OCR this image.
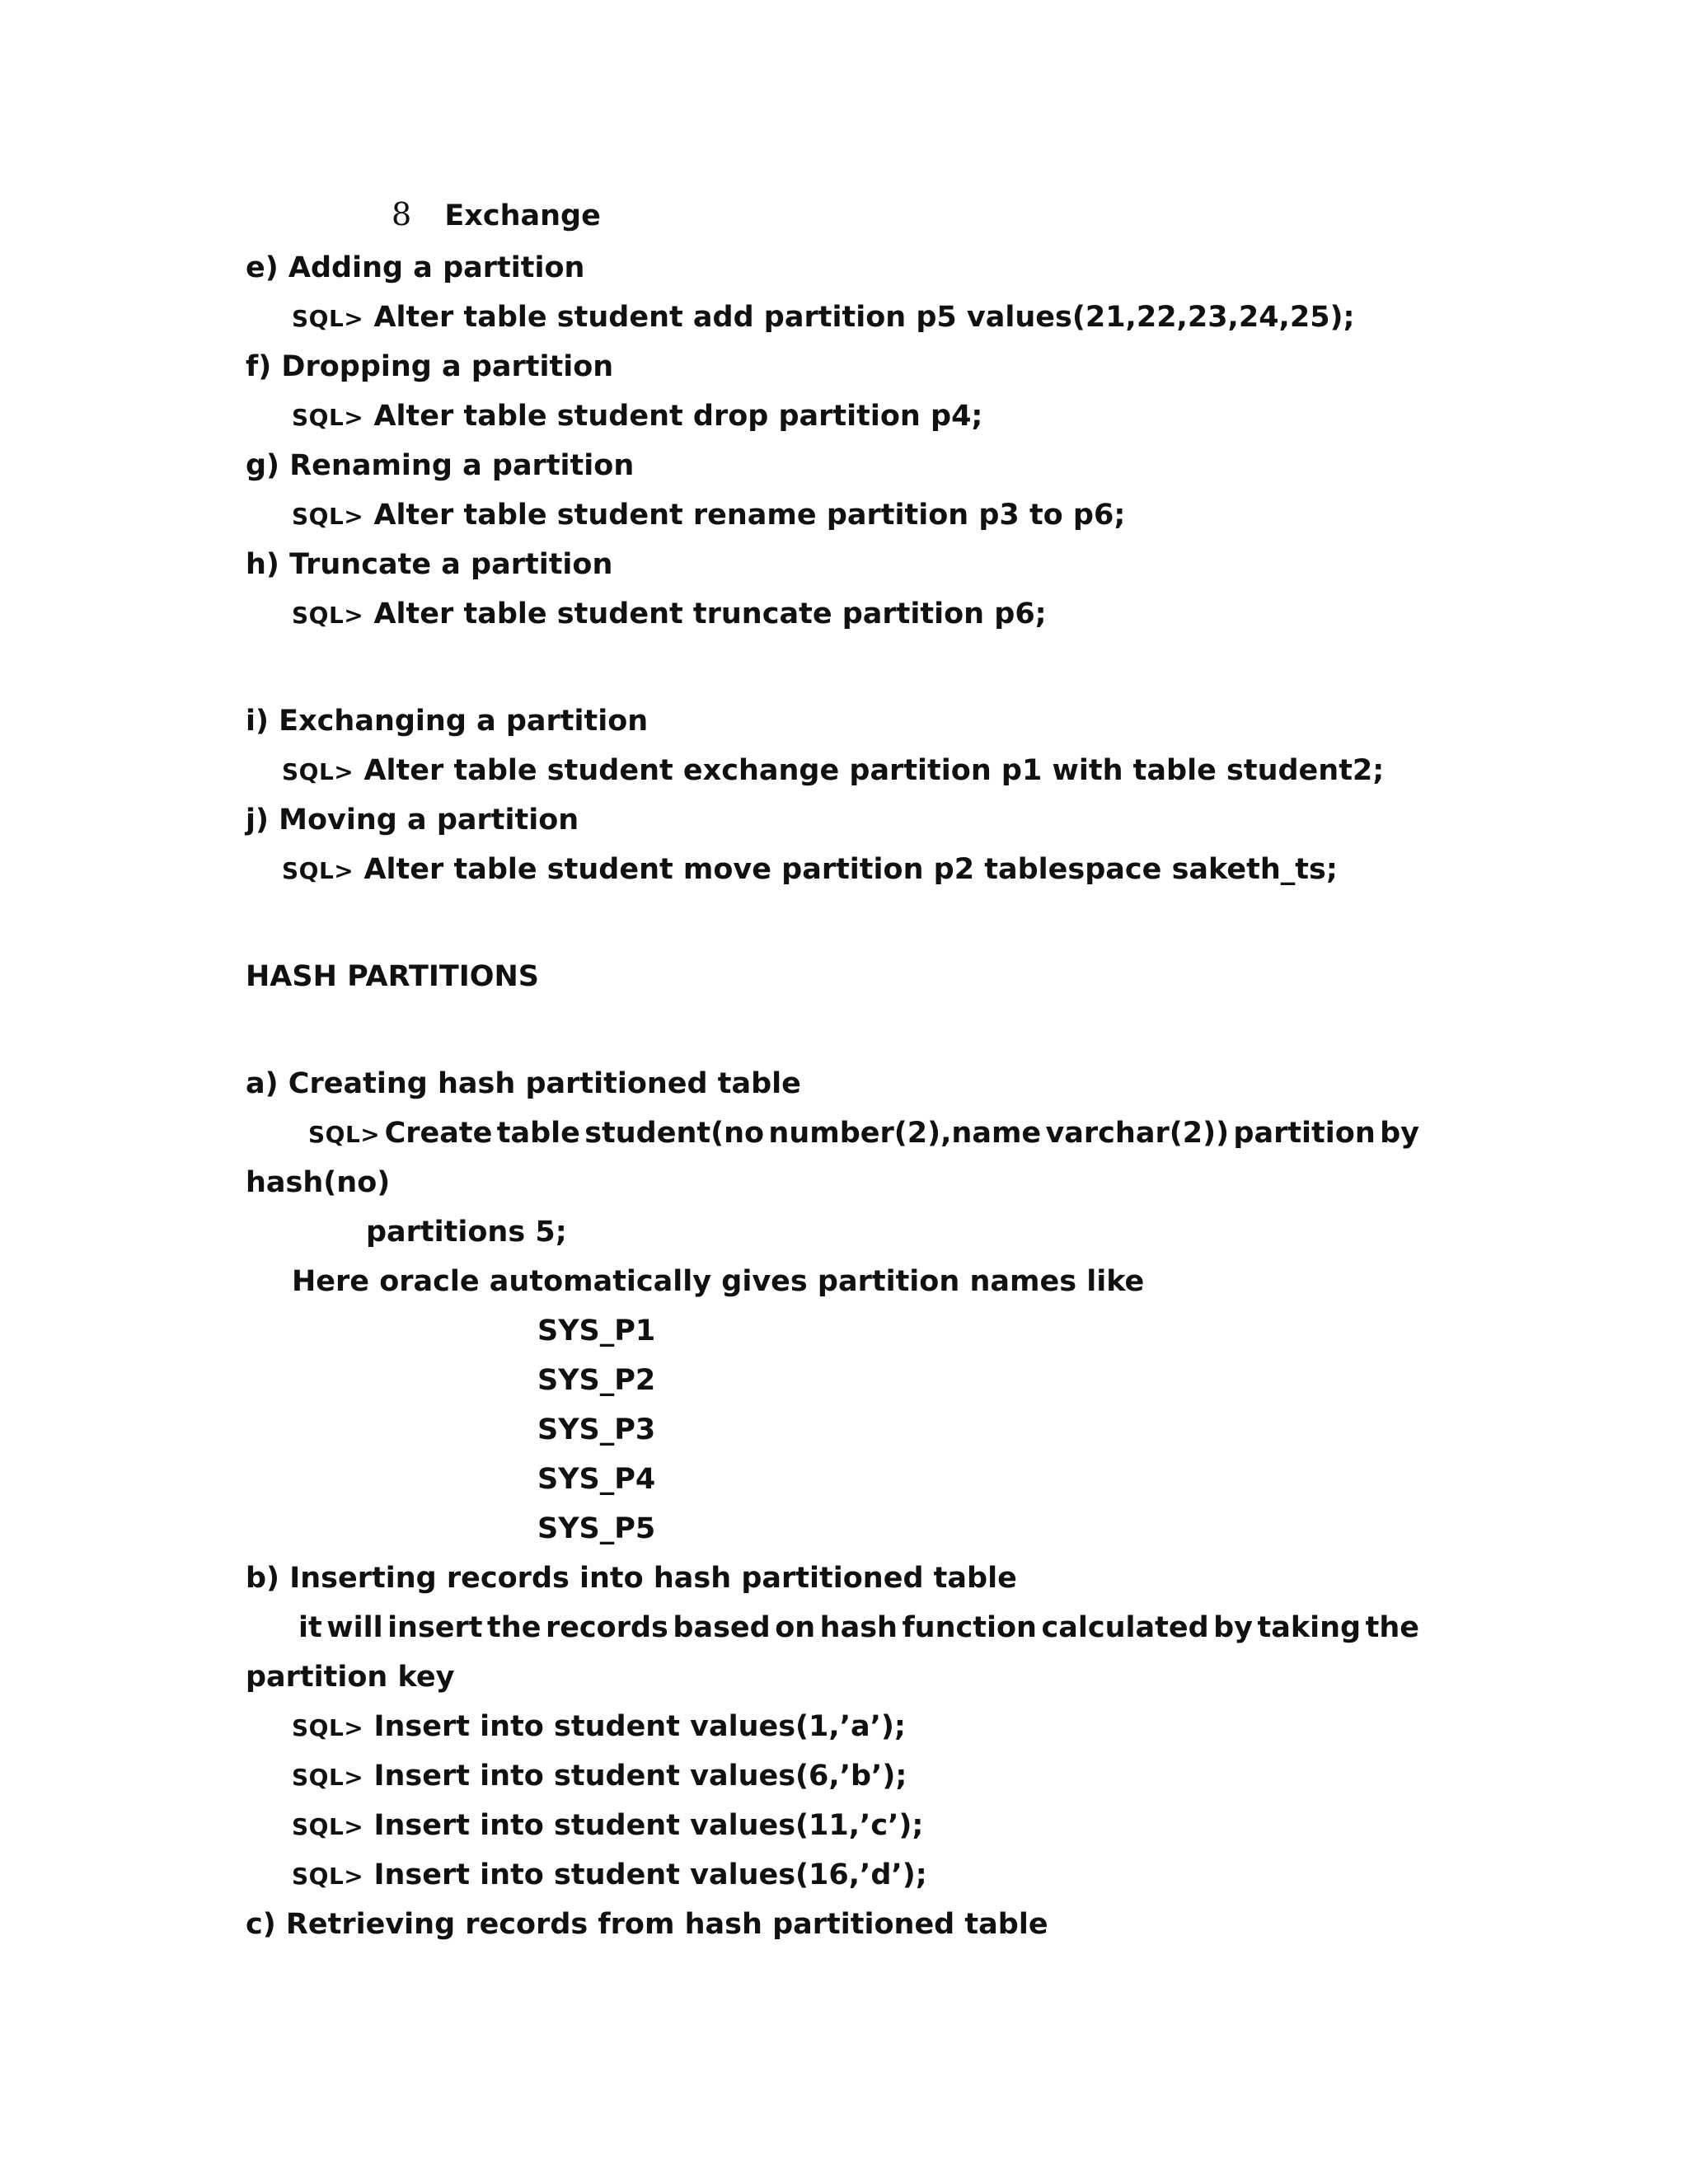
8 Exchange
e) Adding a partition
SQL> Alter table student add partition p5 values(21,22,23,24,25);
f) Dropping a partition
SQL> Alter table student drop partition p4;
g) Renaming a partition
SQL> Alter table student rename partition p3 to p6;
h) Truncate a partition
SQL> Alter table student truncate partition p6;
i) Exchanging a partition
SQL> Alter table student exchange partition p1 with table student2;
j) Moving a partition
SQL> Alter table student move partition p2 tablespace saketh_ts;
HASH PARTITIONS
a) Creating hash partitioned table
SQL> Create table student(no number(2),name varchar(2)) partition by
hash(no)
partitions 5;
Here oracle automatically gives partition names like
SYS_P1
SYS_P2
SYS_P3
SYS_P4
SYS_P5
b) Inserting records into hash partitioned table
it will insert the records based on hash function calculated by taking the
partition key
SQL> Insert into student values(1,’a’);
SQL> Insert into student values(6,’b’);
SQL> Insert into student values(11,’c’);
SQL> Insert into student values(16,’d’);
c) Retrieving records from hash partitioned table
